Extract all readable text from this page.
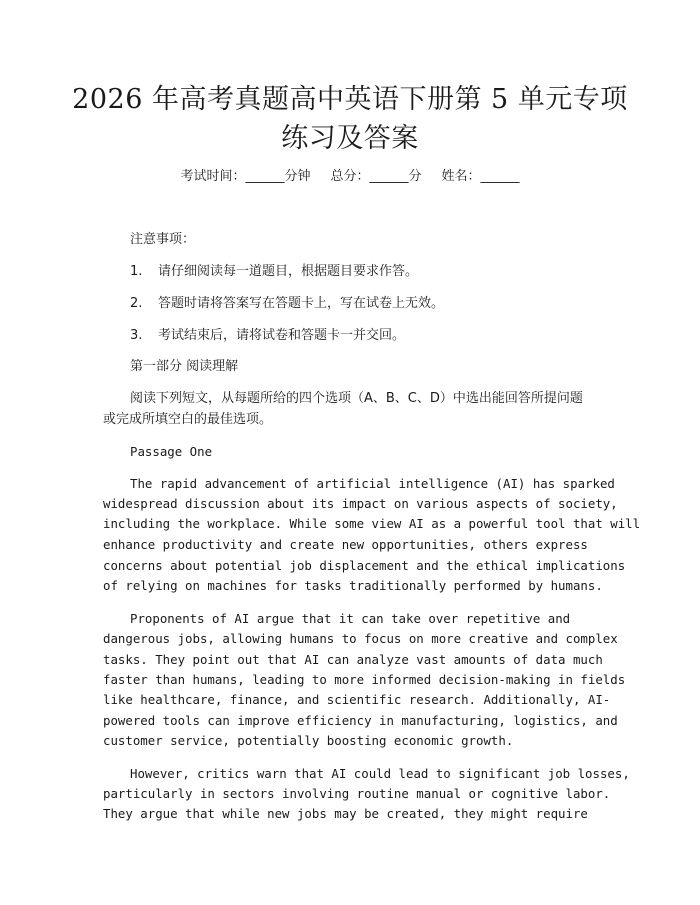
2026 年高考真题高中英语下册第 5 单元专项
练习及答案
考试时间：______分钟 总分：______分 姓名：______
注意事项：
1. 请仔细阅读每一道题目，根据题目要求作答。
2. 答题时请将答案写在答题卡上，写在试卷上无效。
3. 考试结束后，请将试卷和答题卡一并交回。
第一部分 阅读理解
阅读下列短文，从每题所给的四个选项（A、B、C、D）中选出能回答所提问题
或完成所填空白的最佳选项。
Passage One
The rapid advancement of artificial intelligence (AI) has sparked
widespread discussion about its impact on various aspects of society,
including the workplace. While some view AI as a powerful tool that will
enhance productivity and create new opportunities, others express
concerns about potential job displacement and the ethical implications
of relying on machines for tasks traditionally performed by humans.
Proponents of AI argue that it can take over repetitive and
dangerous jobs, allowing humans to focus on more creative and complex
tasks. They point out that AI can analyze vast amounts of data much
faster than humans, leading to more informed decision-making in fields
like healthcare, finance, and scientific research. Additionally, AI-
powered tools can improve efficiency in manufacturing, logistics, and
customer service, potentially boosting economic growth.
However, critics warn that AI could lead to significant job losses,
particularly in sectors involving routine manual or cognitive labor.
They argue that while new jobs may be created, they might require
